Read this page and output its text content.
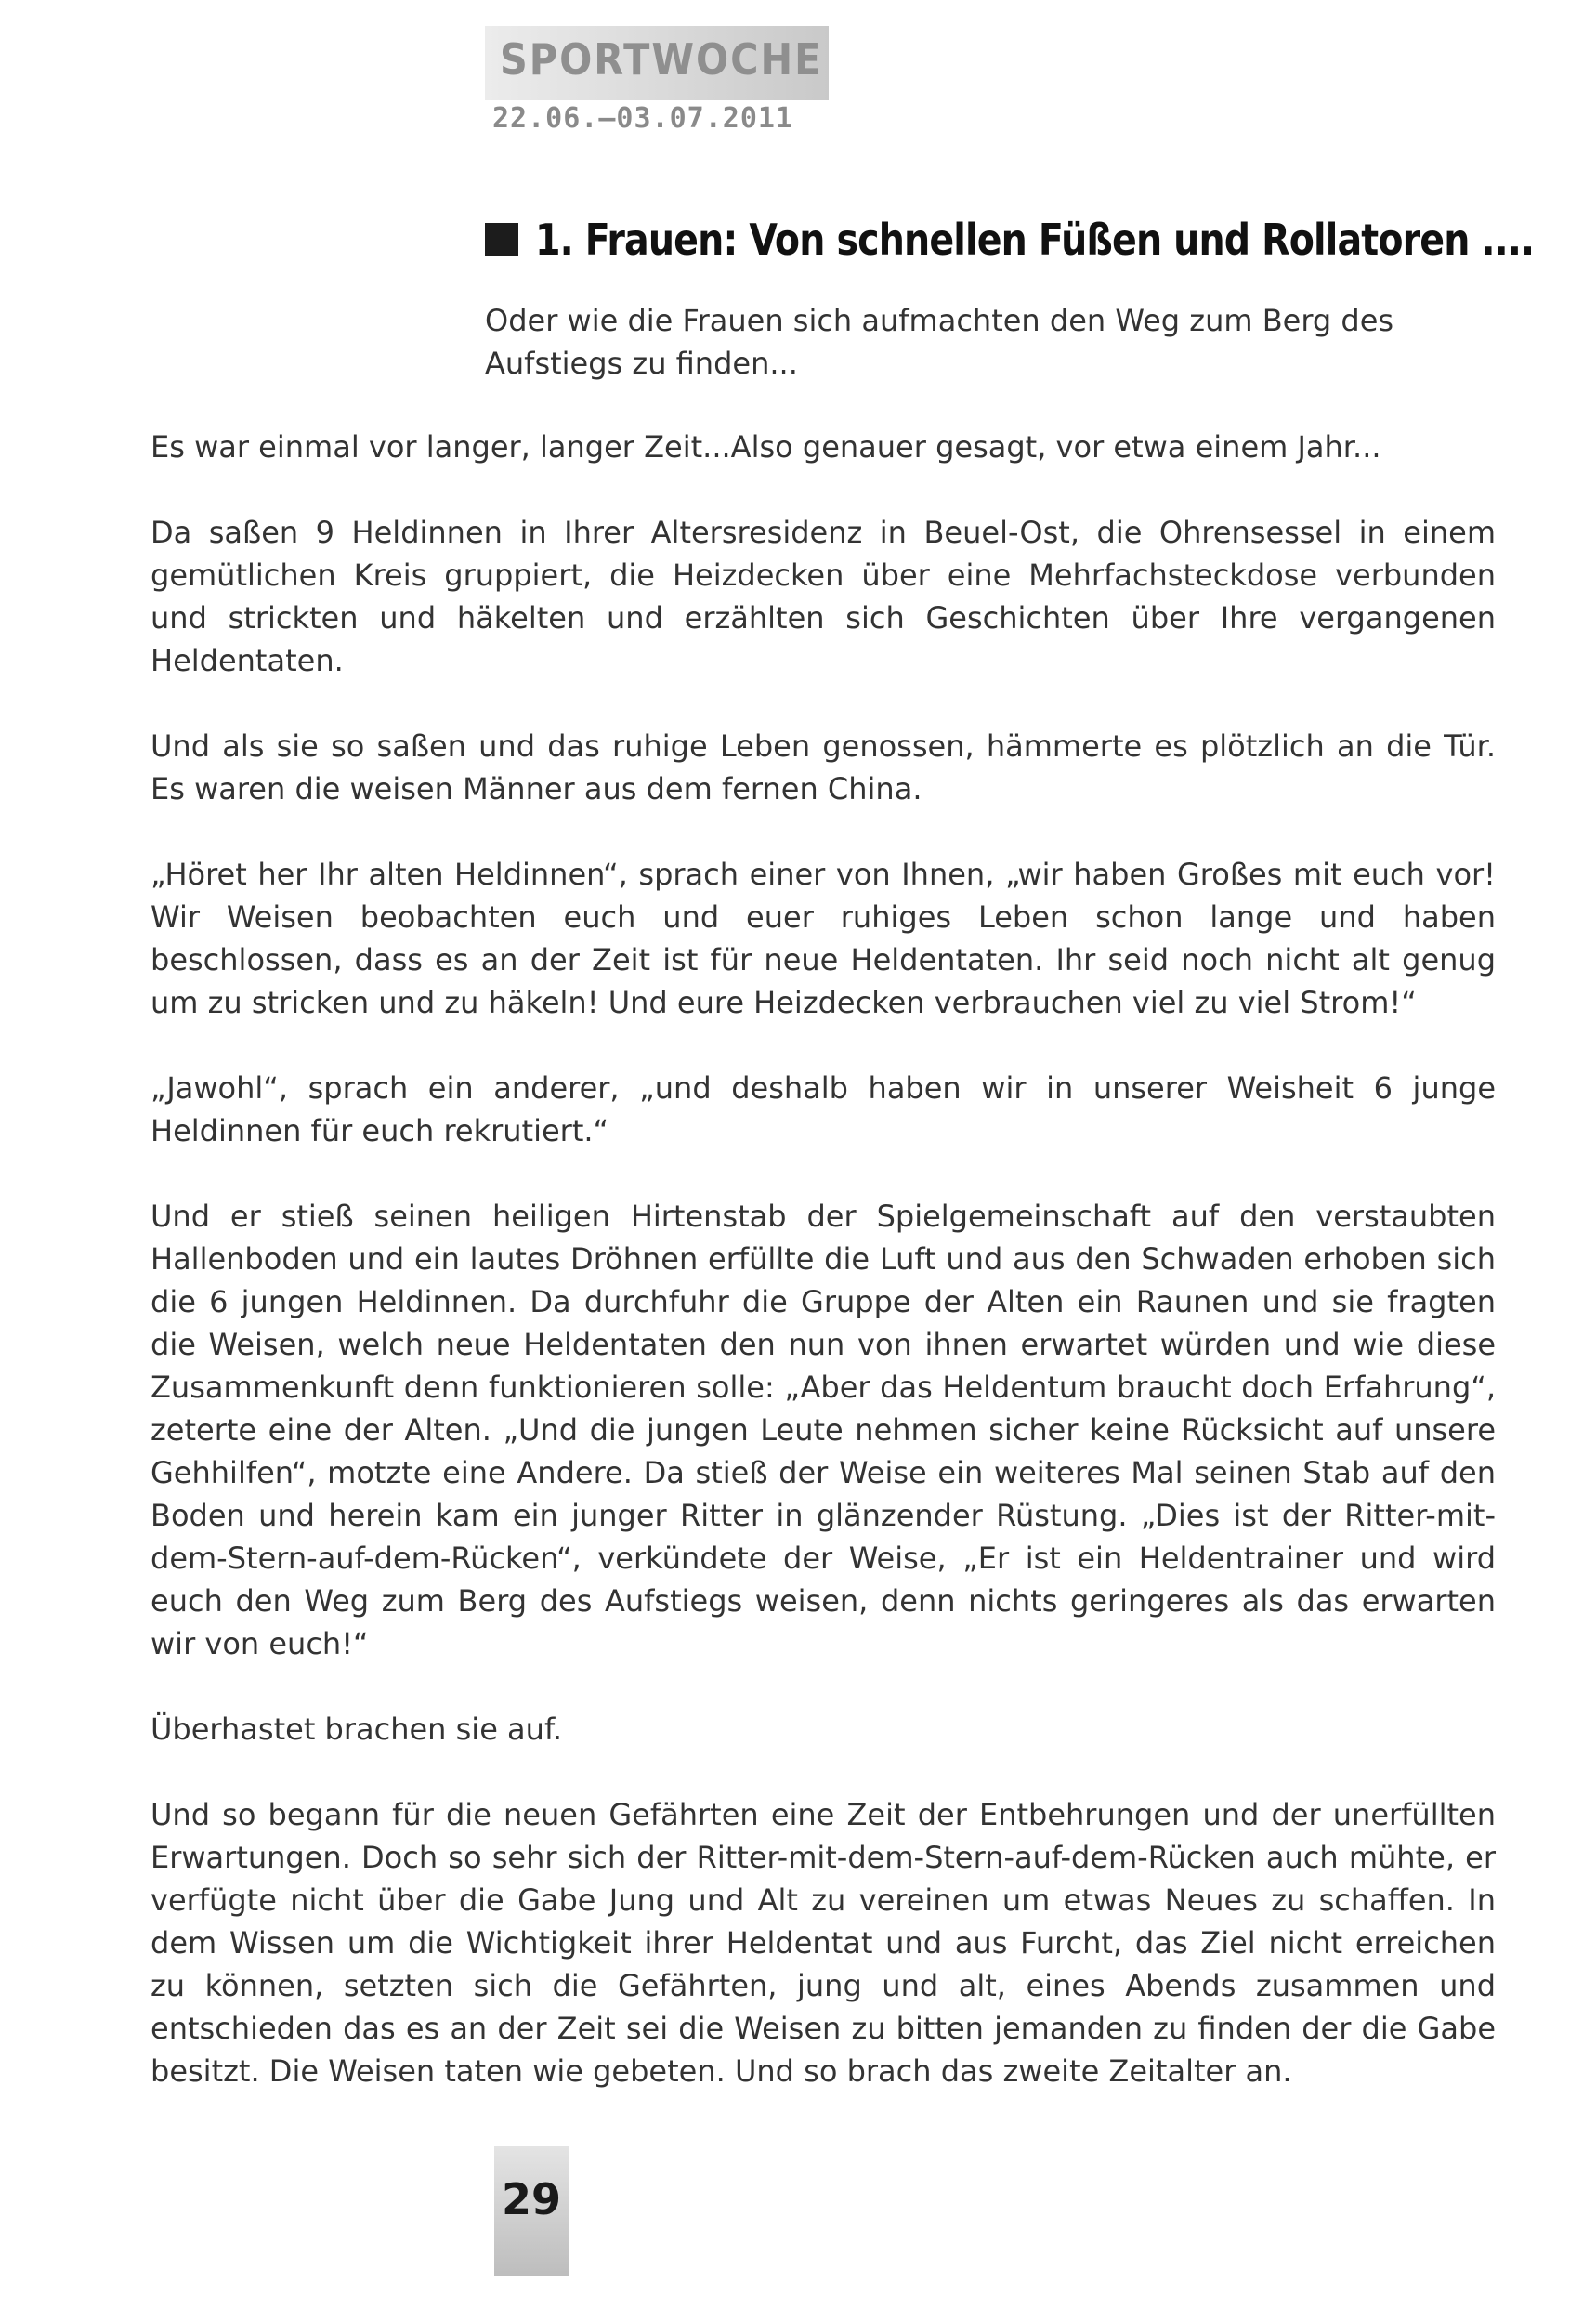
SPORTWOCHE
22.06.–03.07.2011
1. Frauen: Von schnellen Füßen und Rollatoren ....
Oder wie die Frauen sich aufmachten den Weg zum Berg des Aufstiegs zu finden...

Es war einmal vor langer, langer Zeit...Also genauer gesagt, vor etwa einem Jahr...

Da saßen 9 Heldinnen in Ihrer Altersresidenz in Beuel-Ost, die Ohrensessel in einem gemütlichen Kreis gruppiert, die Heizdecken über eine Mehrfachsteckdose verbunden und strickten und häkelten und erzählten sich Geschichten über Ihre vergangenen Heldentaten.

Und als sie so saßen und das ruhige Leben genossen, hämmerte es plötzlich an die Tür. Es waren die weisen Männer aus dem fernen China.

„Höret her Ihr alten Heldinnen“, sprach einer von Ihnen, „wir haben Großes mit euch vor! Wir Weisen beobachten euch und euer ruhiges Leben schon lange und haben beschlossen, dass es an der Zeit ist für neue Heldentaten. Ihr seid noch nicht alt genug um zu stricken und zu häkeln! Und eure Heizdecken verbrauchen viel zu viel Strom!“

„Jawohl“, sprach ein anderer, „und deshalb haben wir in unserer Weisheit 6 junge Heldinnen für euch rekrutiert.“

Und er stieß seinen heiligen Hirtenstab der Spielgemeinschaft auf den verstaubten Hallenboden und ein lautes Dröhnen erfüllte die Luft und aus den Schwaden erhoben sich die 6 jungen Heldinnen. Da durchfuhr die Gruppe der Alten ein Raunen und sie fragten die Weisen, welch neue Heldentaten den nun von ihnen erwartet würden und wie diese Zusammenkunft denn funktionieren solle: „Aber das Heldentum braucht doch Erfahrung“, zeterte eine der Alten. „Und die jungen Leute nehmen sicher keine Rücksicht auf unsere Gehhilfen“, motzte eine Andere. Da stieß der Weise ein weiteres Mal seinen Stab auf den Boden und herein kam ein junger Ritter in glänzender Rüstung. „Dies ist der Ritter-mit-dem-Stern-auf-dem-Rücken“, verkündete der Weise, „Er ist ein Heldentrainer und wird euch den Weg zum Berg des Aufstiegs weisen, denn nichts geringeres als das erwarten wir von euch!“

Überhastet brachen sie auf.

Und so begann für die neuen Gefährten eine Zeit der Entbehrungen und der unerfüllten Erwartungen. Doch so sehr sich der Ritter-mit-dem-Stern-auf-dem-Rücken auch mühte, er verfügte nicht über die Gabe Jung und Alt zu vereinen um etwas Neues zu schaffen. In dem Wissen um die Wichtigkeit ihrer Heldentat und aus Furcht, das Ziel nicht erreichen zu können, setzten sich die Gefährten, jung und alt, eines Abends zusammen und entschieden das es an der Zeit sei die Weisen zu bitten jemanden zu finden der die Gabe besitzt. Die Weisen taten wie gebeten. Und so brach das zweite Zeitalter an.

29
